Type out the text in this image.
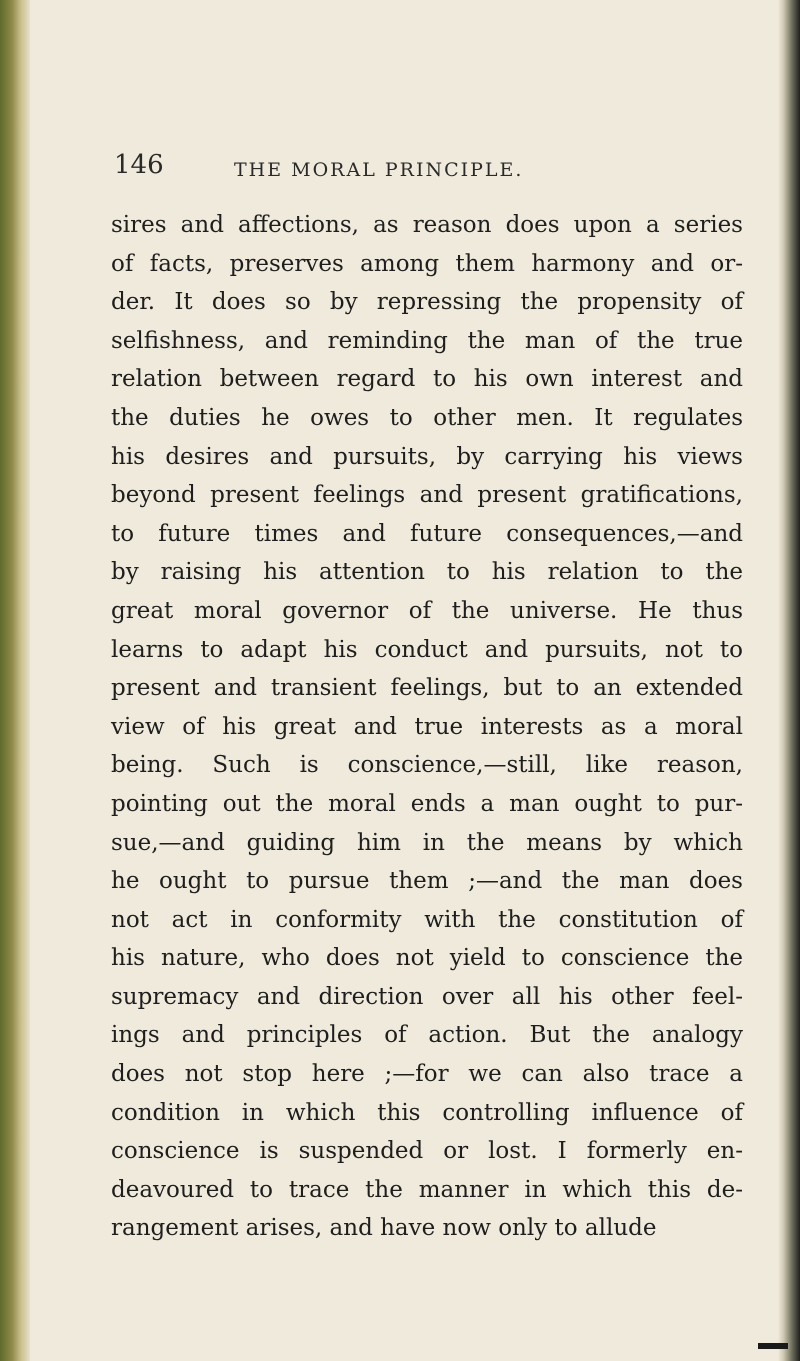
146	THE MORAL PRINCIPLE.
sires and affections, as reason does upon a series
of facts, preserves among them harmony and or-
der. It does so by repressing the propensity of
selfishness, and reminding the man of the true
relation between regard to his own interest and
the duties he owes to other men. It regulates
his desires and pursuits, by carrying his views
beyond present feelings and present gratifications,
to future times and future consequences,—and
by raising his attention to his relation to the
great moral governor of the universe. He thus
learns to adapt his conduct and pursuits, not to
present and transient feelings, but to an extended
view of his great and true interests as a moral
being. Such is conscience,—still, like reason,
pointing out the moral ends a man ought to pur-
sue,—and guiding him in the means by which
he ought to pursue them ;—and the man does
not act in conformity with the constitution of
his nature, who does not yield to conscience the
supremacy and direction over all his other feel-
ings and principles of action. But the analogy
does not stop here ;—for we can also trace a
condition in which this controlling influence of
conscience is suspended or lost. I formerly en-
deavoured to trace the manner in which this de-
rangement arises, and have now only to allude
